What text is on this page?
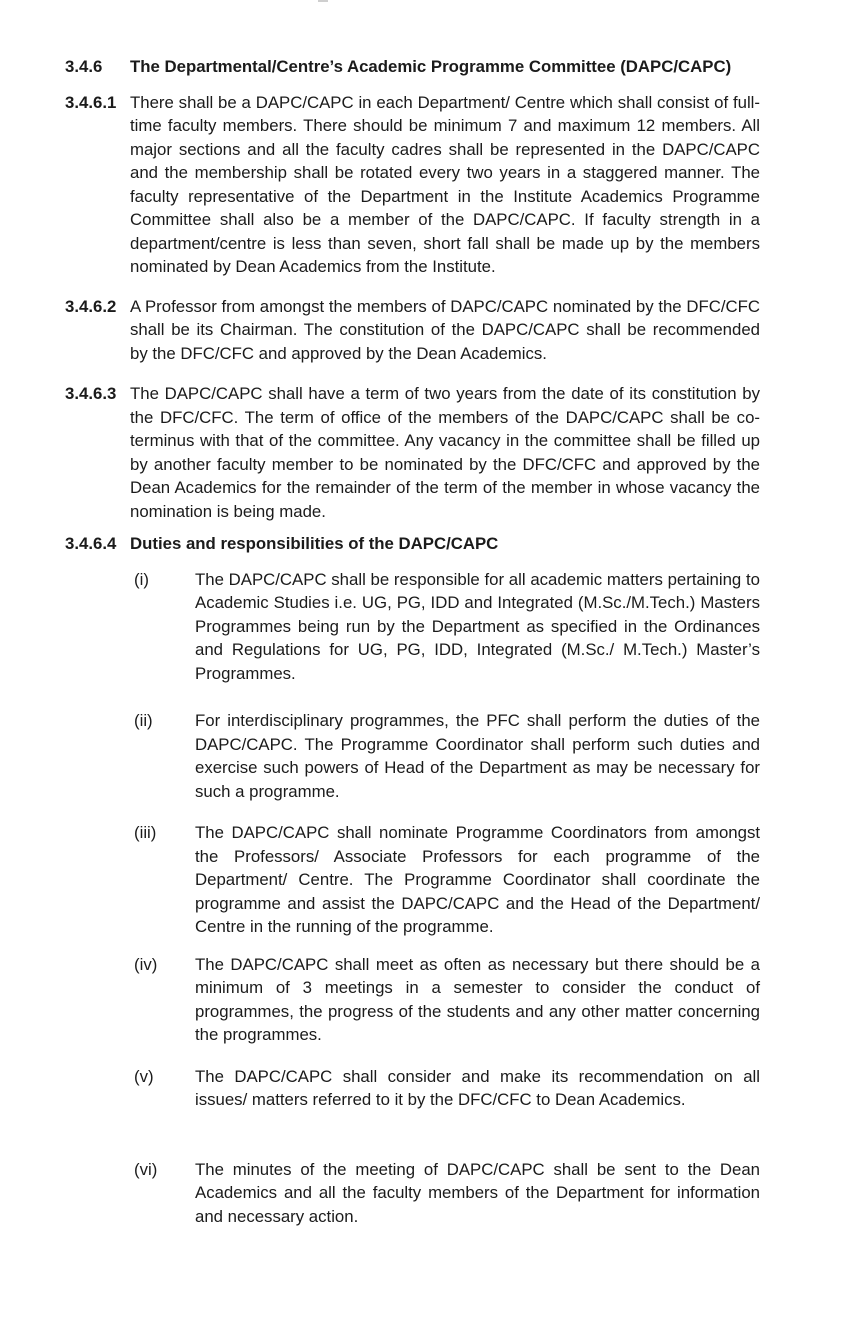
3.4.6	The Departmental/Centre’s Academic Programme Committee (DAPC/CAPC)

3.4.6.1 There shall be a DAPC/CAPC in each Department/ Centre which shall consist of full-time faculty members. There should be minimum 7 and maximum 12 members. All major sections and all the faculty cadres shall be represented in the DAPC/CAPC and the membership shall be rotated every two years in a staggered manner. The faculty representative of the Department in the Institute Academics Programme Committee shall also be a member of the DAPC/CAPC. If faculty strength in a department/centre is less than seven, short fall shall be made up by the members nominated by Dean Academics from the Institute.

3.4.6.2 A Professor from amongst the members of DAPC/CAPC nominated by the DFC/CFC shall be its Chairman. The constitution of the DAPC/CAPC shall be recommended by the DFC/CFC and approved by the Dean Academics.

3.4.6.3 The DAPC/CAPC shall have a term of two years from the date of its constitution by the DFC/CFC. The term of office of the members of the DAPC/CAPC shall be co-terminus with that of the committee. Any vacancy in the committee shall be filled up by another faculty member to be nominated by the DFC/CFC and approved by the Dean Academics for the remainder of the term of the member in whose vacancy the nomination is being made.

3.4.6.4 Duties and responsibilities of the DAPC/CAPC

(i)	The DAPC/CAPC shall be responsible for all academic matters pertaining to Academic Studies i.e. UG, PG, IDD and Integrated (M.Sc./M.Tech.) Masters Programmes being run by the Department as specified in the Ordinances and Regulations for UG, PG, IDD, Integrated (M.Sc./ M.Tech.) Master’s Programmes.

(ii)	For interdisciplinary programmes, the PFC shall perform the duties of the DAPC/CAPC. The Programme Coordinator shall perform such duties and exercise such powers of Head of the Department as may be necessary for such a programme.

(iii)	The DAPC/CAPC shall nominate Programme Coordinators from amongst the Professors/ Associate Professors for each programme of the Department/ Centre. The Programme Coordinator shall coordinate the programme and assist the DAPC/CAPC and the Head of the Department/ Centre in the running of the programme.

(iv)	The DAPC/CAPC shall meet as often as necessary but there should be a minimum of 3 meetings in a semester to consider the conduct of programmes, the progress of the students and any other matter concerning the programmes.

(v)	The DAPC/CAPC shall consider and make its recommendation on all issues/ matters referred to it by the DFC/CFC to Dean Academics.

(vi)	The minutes of the meeting of DAPC/CAPC shall be sent to the Dean Academics and all the faculty members of the Department for information and necessary action.
